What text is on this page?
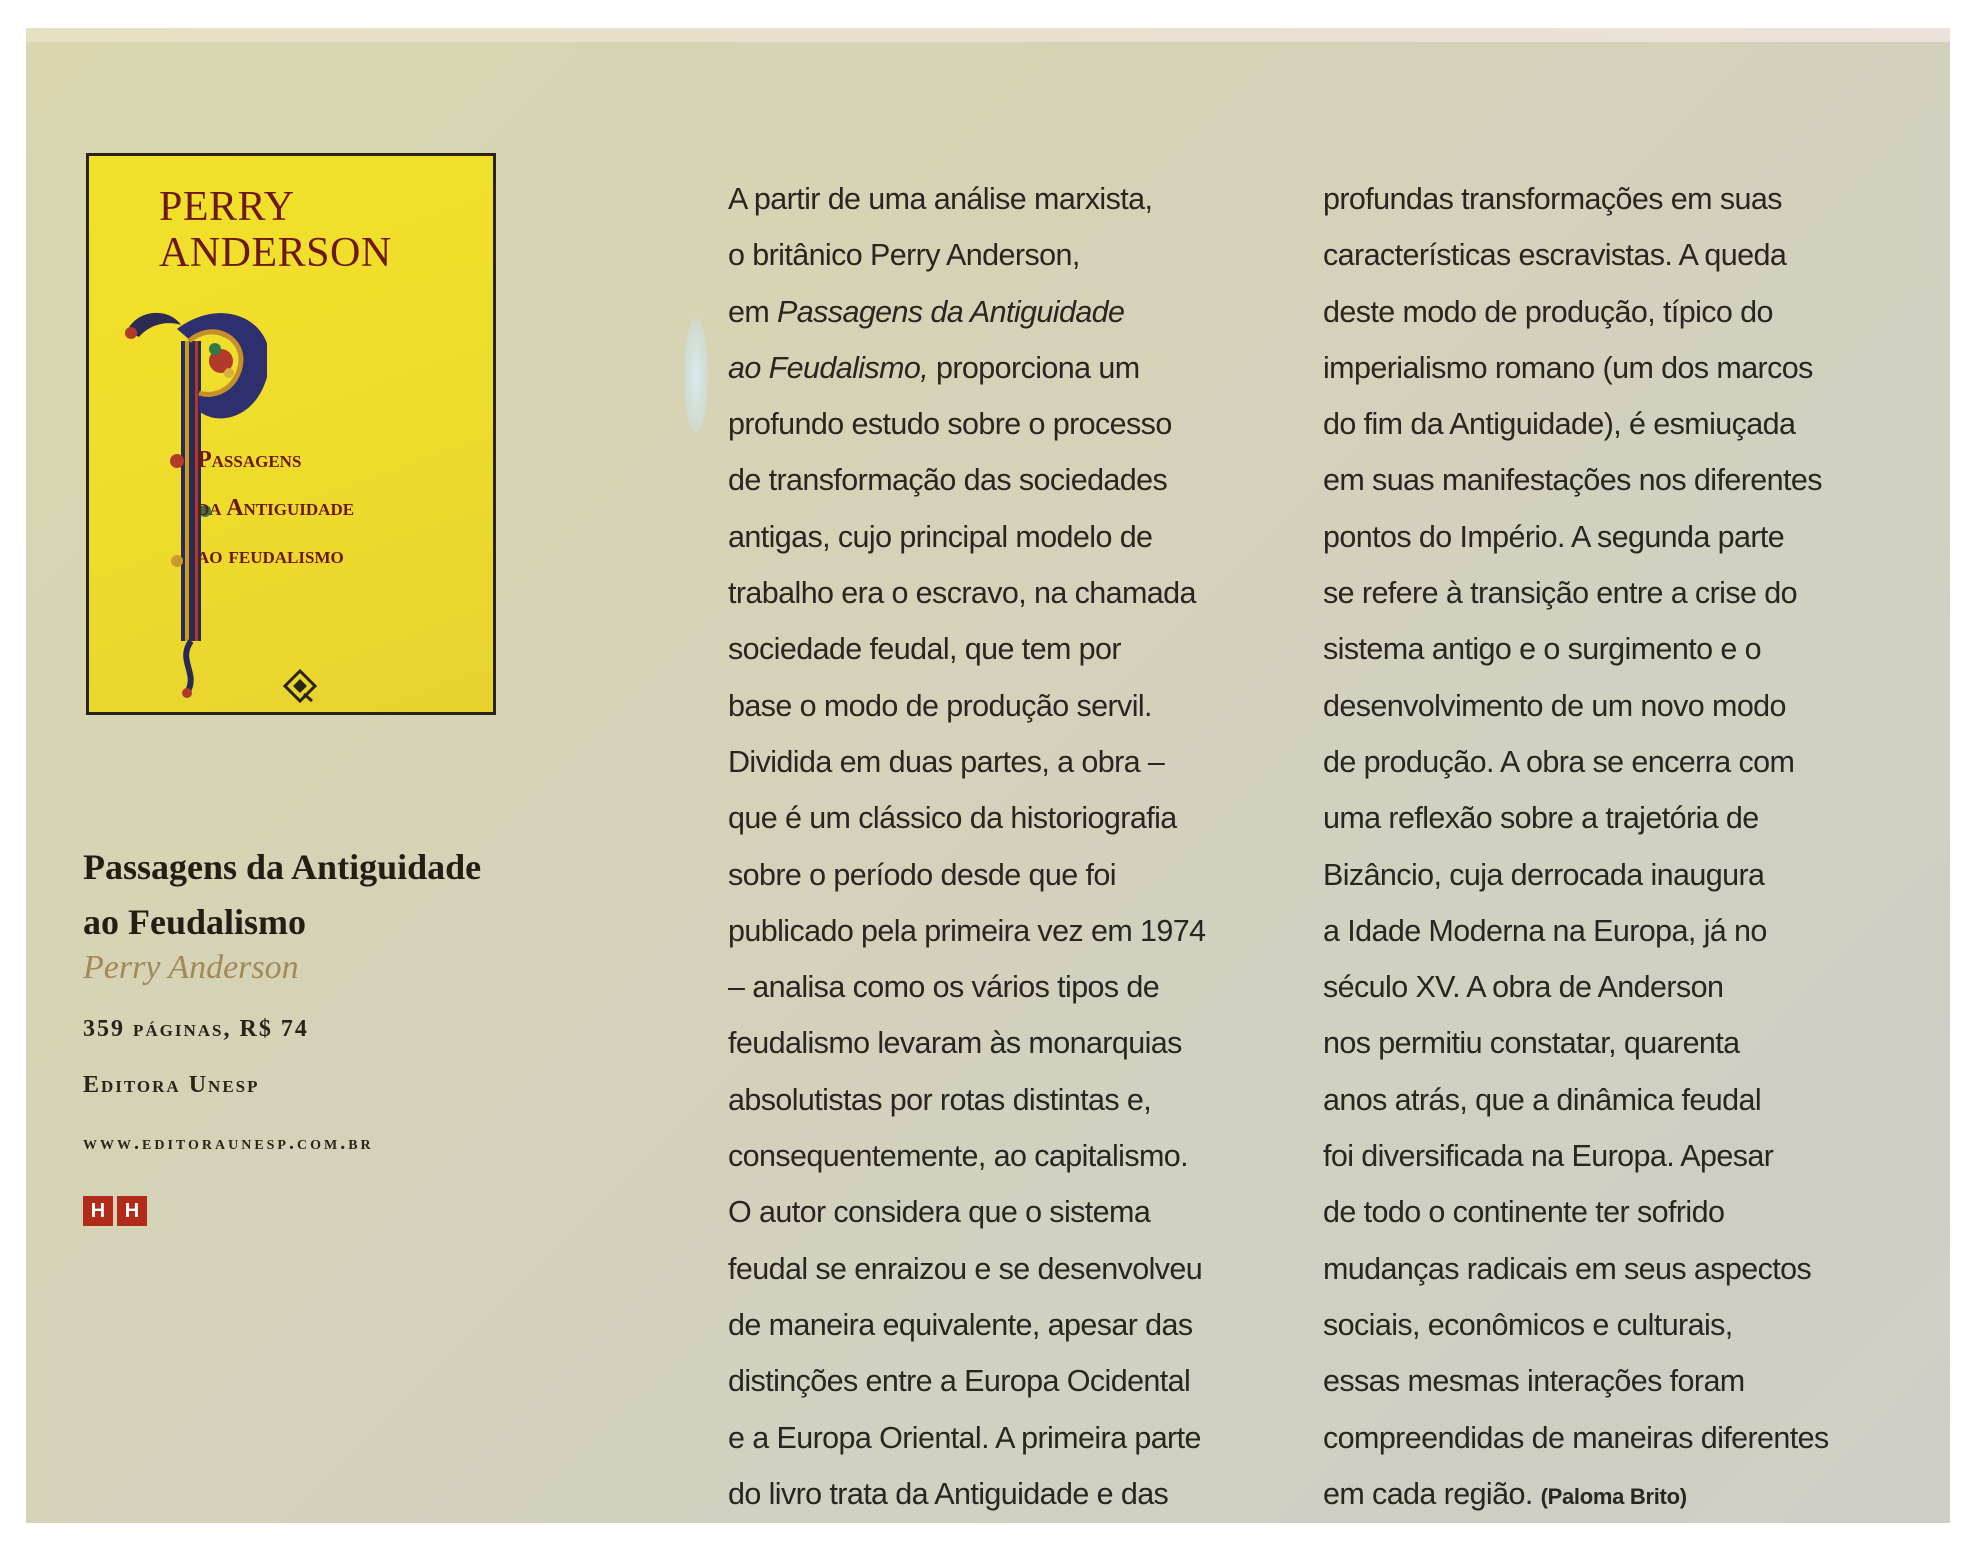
PERRY
ANDERSON
Passagens
da Antiguidade
ao feudalismo
Passagens da Antiguidade
ao Feudalismo
Perry Anderson
359 páginas, R$ 74
Editora Unesp
www.editoraunesp.com.br
H H
A partir de uma análise marxista,
o britânico Perry Anderson,
em Passagens da Antiguidade
ao Feudalismo, proporciona um
profundo estudo sobre o processo
de transformação das sociedades
antigas, cujo principal modelo de
trabalho era o escravo, na chamada
sociedade feudal, que tem por
base o modo de produção servil.
Dividida em duas partes, a obra –
que é um clássico da historiografia
sobre o período desde que foi
publicado pela primeira vez em 1974
– analisa como os vários tipos de
feudalismo levaram às monarquias
absolutistas por rotas distintas e,
consequentemente, ao capitalismo.
O autor considera que o sistema
feudal se enraizou e se desenvolveu
de maneira equivalente, apesar das
distinções entre a Europa Ocidental
e a Europa Oriental. A primeira parte
do livro trata da Antiguidade e das
profundas transformações em suas
características escravistas. A queda
deste modo de produção, típico do
imperialismo romano (um dos marcos
do fim da Antiguidade), é esmiuçada
em suas manifestações nos diferentes
pontos do Império. A segunda parte
se refere à transição entre a crise do
sistema antigo e o surgimento e o
desenvolvimento de um novo modo
de produção. A obra se encerra com
uma reflexão sobre a trajetória de
Bizâncio, cuja derrocada inaugura
a Idade Moderna na Europa, já no
século XV. A obra de Anderson
nos permitiu constatar, quarenta
anos atrás, que a dinâmica feudal
foi diversificada na Europa. Apesar
de todo o continente ter sofrido
mudanças radicais em seus aspectos
sociais, econômicos e culturais,
essas mesmas interações foram
compreendidas de maneiras diferentes
em cada região. (Paloma Brito)
